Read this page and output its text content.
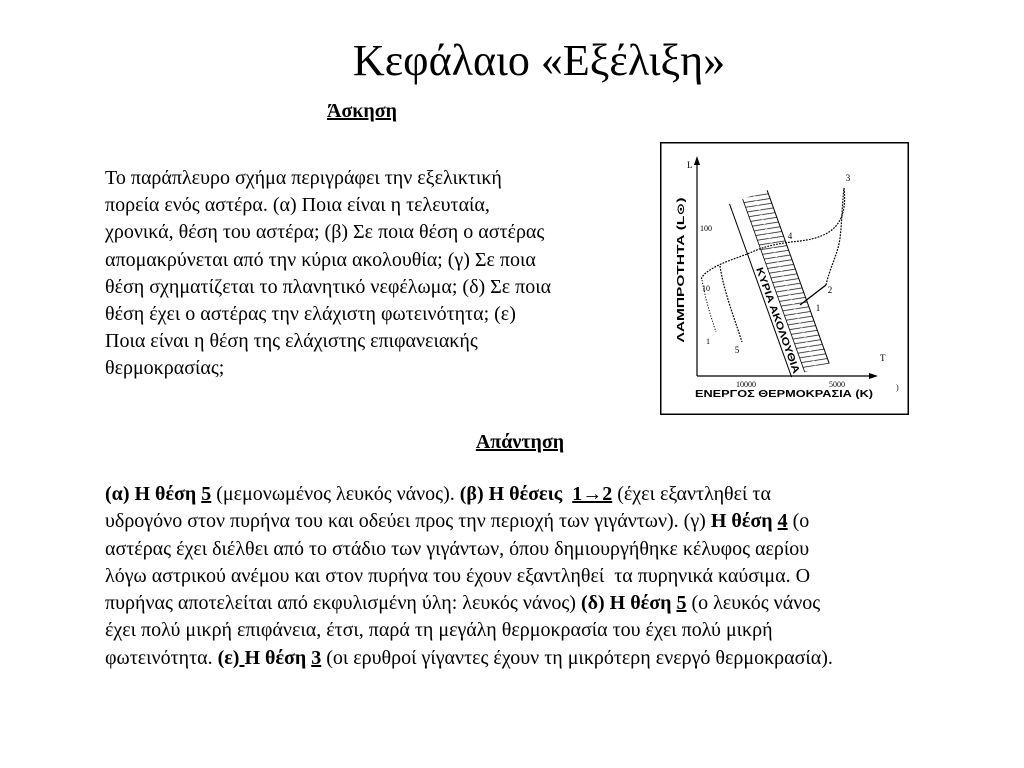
Κεφάλαιο «Εξέλιξη»
Άσκηση
Το παράπλευρο σχήμα περιγράφει την εξελικτική
πορεία ενός αστέρα. (α) Ποια είναι η τελευταία,
χρονικά, θέση του αστέρα; (β) Σε ποια θέση ο αστέρας
απομακρύνεται από την κύρια ακολουθία; (γ) Σε ποια
θέση σχηματίζεται το πλανητικό νεφέλωμα; (δ) Σε ποια
θέση έχει ο αστέρας την ελάχιστη φωτεινότητα; (ε)
Ποια είναι η θέση της ελάχιστης επιφανειακής
θερμοκρασίας;
L
T
100
10
1
10000	5000
ΛΑΜΠΡΟΤΗΤΑ (L⊙)
ΕΝΕΡΓΟΣ ΘΕΡΜΟΚΡΑΣΙΑ (K)
ΚΥΡΙΑ ΑΚΟΛΟΥΘΙΑ	1
2
3
4
5
)
Απάντηση
(α) Η θέση 5 (μεμονωμένος λευκός νάνος). (β) Η θέσεις 1→2 (έχει εξαντληθεί τα
υδρογόνο στον πυρήνα του και οδεύει προς την περιοχή των γιγάντων). (γ) Η θέση 4 (ο
αστέρας έχει διέλθει από το στάδιο των γιγάντων, όπου δημιουργήθηκε κέλυφος αερίου
λόγω αστρικού ανέμου και στον πυρήνα του έχουν εξαντληθεί  τα πυρηνικά καύσιμα. Ο
πυρήνας αποτελείται από εκφυλισμένη ύλη: λευκός νάνος) (δ) Η θέση 5 (ο λευκός νάνος
έχει πολύ μικρή επιφάνεια, έτσι, παρά τη μεγάλη θερμοκρασία του έχει πολύ μικρή
φωτεινότητα. (ε)
Η θέση 3 (οι ερυθροί γίγαντες έχουν τη μικρότερη ενεργό θερμοκρασία).
